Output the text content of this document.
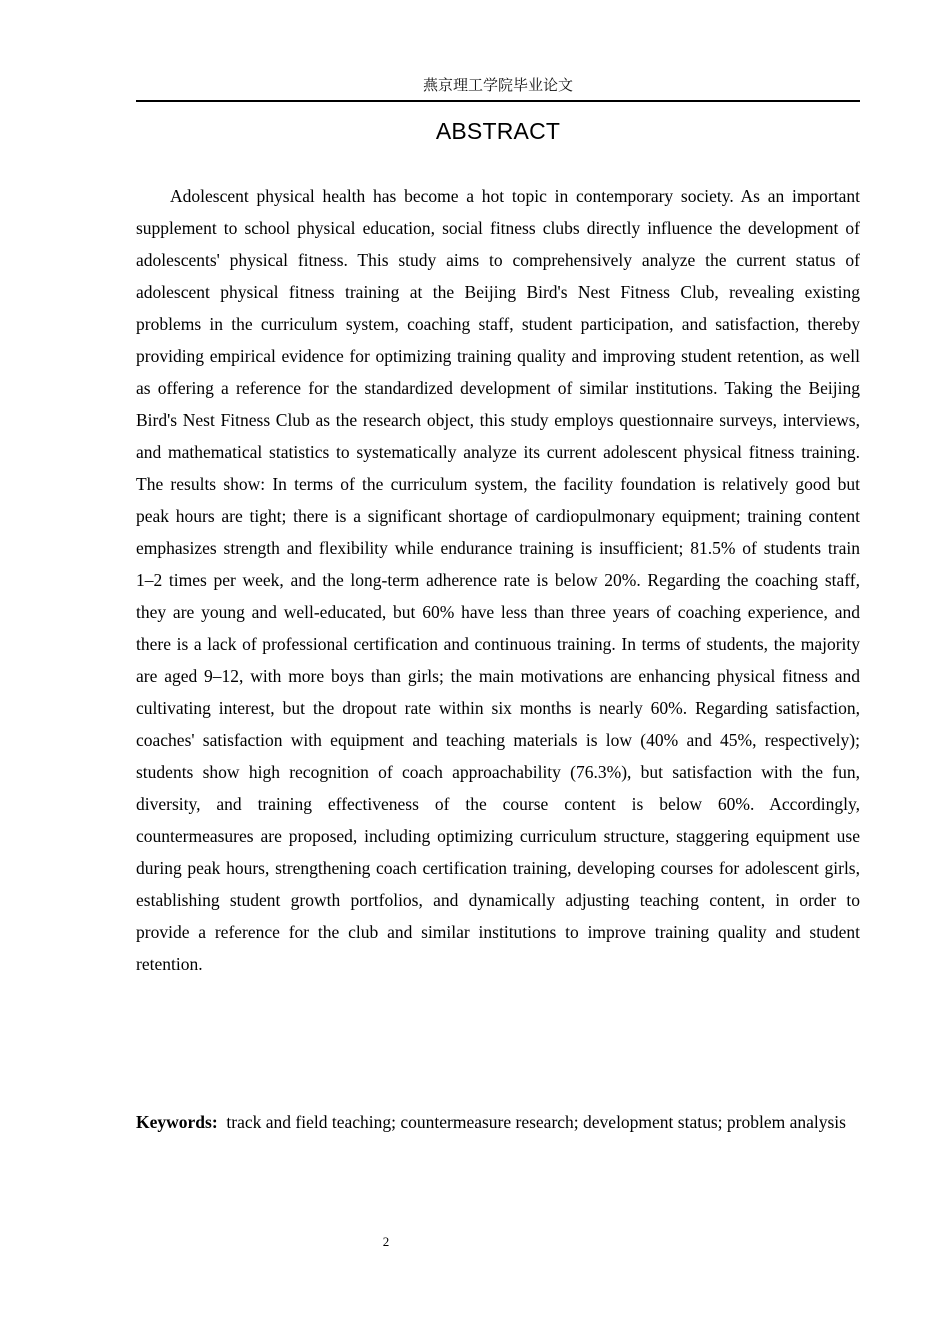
燕京理工学院毕业论文
ABSTRACT

Adolescent physical health has become a hot topic in contemporary society. As an important supplement to school physical education, social fitness clubs directly influence the development of adolescents' physical fitness. This study aims to comprehensively analyze the current status of adolescent physical fitness training at the Beijing Bird's Nest Fitness Club, revealing existing problems in the curriculum system, coaching staff, student participation, and satisfaction, thereby providing empirical evidence for optimizing training quality and improving student retention, as well as offering a reference for the standardized development of similar institutions. Taking the Beijing Bird's Nest Fitness Club as the research object, this study employs questionnaire surveys, interviews, and mathematical statistics to systematically analyze its current adolescent physical fitness training. The results show: In terms of the curriculum system, the facility foundation is relatively good but peak hours are tight; there is a significant shortage of cardiopulmonary equipment; training content emphasizes strength and flexibility while endurance training is insufficient; 81.5% of students train 1–2 times per week, and the long-term adherence rate is below 20%. Regarding the coaching staff, they are young and well-educated, but 60% have less than three years of coaching experience, and there is a lack of professional certification and continuous training. In terms of students, the majority are aged 9–12, with more boys than girls; the main motivations are enhancing physical fitness and cultivating interest, but the dropout rate within six months is nearly 60%. Regarding satisfaction, coaches' satisfaction with equipment and teaching materials is low (40% and 45%, respectively); students show high recognition of coach approachability (76.3%), but satisfaction with the fun, diversity, and training effectiveness of the course content is below 60%. Accordingly, countermeasures are proposed, including optimizing curriculum structure, staggering equipment use during peak hours, strengthening coach certification training, developing courses for adolescent girls, establishing student growth portfolios, and dynamically adjusting teaching content, in order to provide a reference for the club and similar institutions to improve training quality and student retention.

Keywords: track and field teaching; countermeasure research; development status; problem analysis

2
